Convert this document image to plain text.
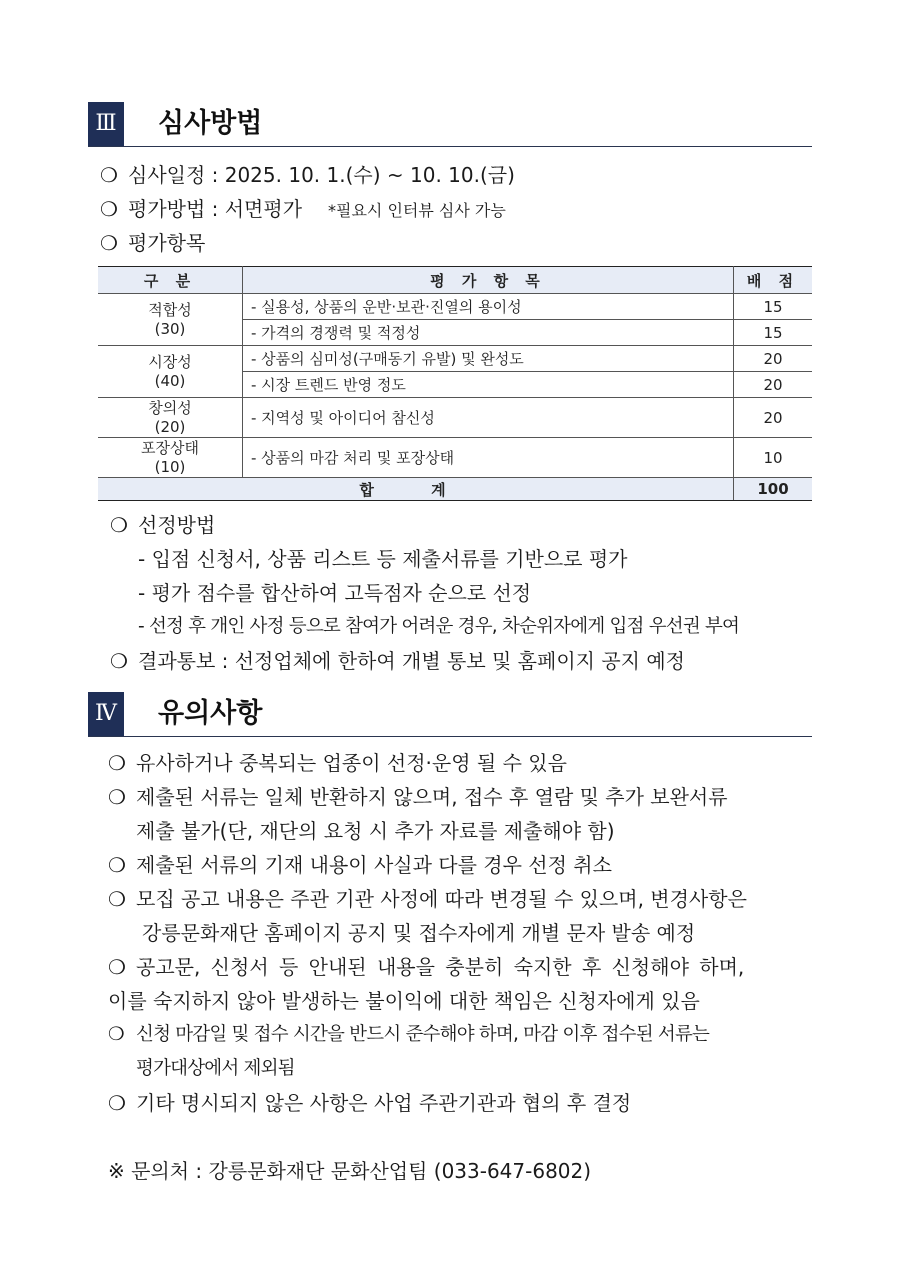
Ⅲ 심사방법
❍ 심사일정 : 2025. 10. 1.(수) ~ 10. 10.(금)
❍ 평가방법 : 서면평가 *필요시 인터뷰 심사 가능
❍ 평가항목
구 분	평 가 항 목	배 점
적합성
(30)	- 실용성, 상품의 운반·보관·진열의 용이성	15
	- 가격의 경쟁력 및 적정성	15
시장성
(40)	- 상품의 심미성(구매동기 유발) 및 완성도	20
	- 시장 트렌드 반영 정도	20
창의성
(20)	- 지역성 및 아이디어 참신성	20
포장상태
(10)	- 상품의 마감 처리 및 포장상태	10
합 계		100
❍ 선정방법
- 입점 신청서, 상품 리스트 등 제출서류를 기반으로 평가
- 평가 점수를 합산하여 고득점자 순으로 선정
- 선정 후 개인 사정 등으로 참여가 어려운 경우, 차순위자에게 입점 우선권 부여
❍ 결과통보 : 선정업체에 한하여 개별 통보 및 홈페이지 공지 예정
Ⅳ 유의사항
❍ 유사하거나 중복되는 업종이 선정·운영 될 수 있음
❍ 제출된 서류는 일체 반환하지 않으며, 접수 후 열람 및 추가 보완서류
제출 불가(단, 재단의 요청 시 추가 자료를 제출해야 함)
❍ 제출된 서류의 기재 내용이 사실과 다를 경우 선정 취소
❍ 모집 공고 내용은 주관 기관 사정에 따라 변경될 수 있으며, 변경사항은
강릉문화재단 홈페이지 공지 및 접수자에게 개별 문자 발송 예정
❍ 공고문, 신청서 등 안내된 내용을 충분히 숙지한 후 신청해야 하며,
이를 숙지하지 않아 발생하는 불이익에 대한 책임은 신청자에게 있음
❍ 신청 마감일 및 접수 시간을 반드시 준수해야 하며, 마감 이후 접수된 서류는
평가대상에서 제외됨
❍ 기타 명시되지 않은 사항은 사업 주관기관과 협의 후 결정
※ 문의처 : 강릉문화재단 문화산업팀 (033-647-6802)
